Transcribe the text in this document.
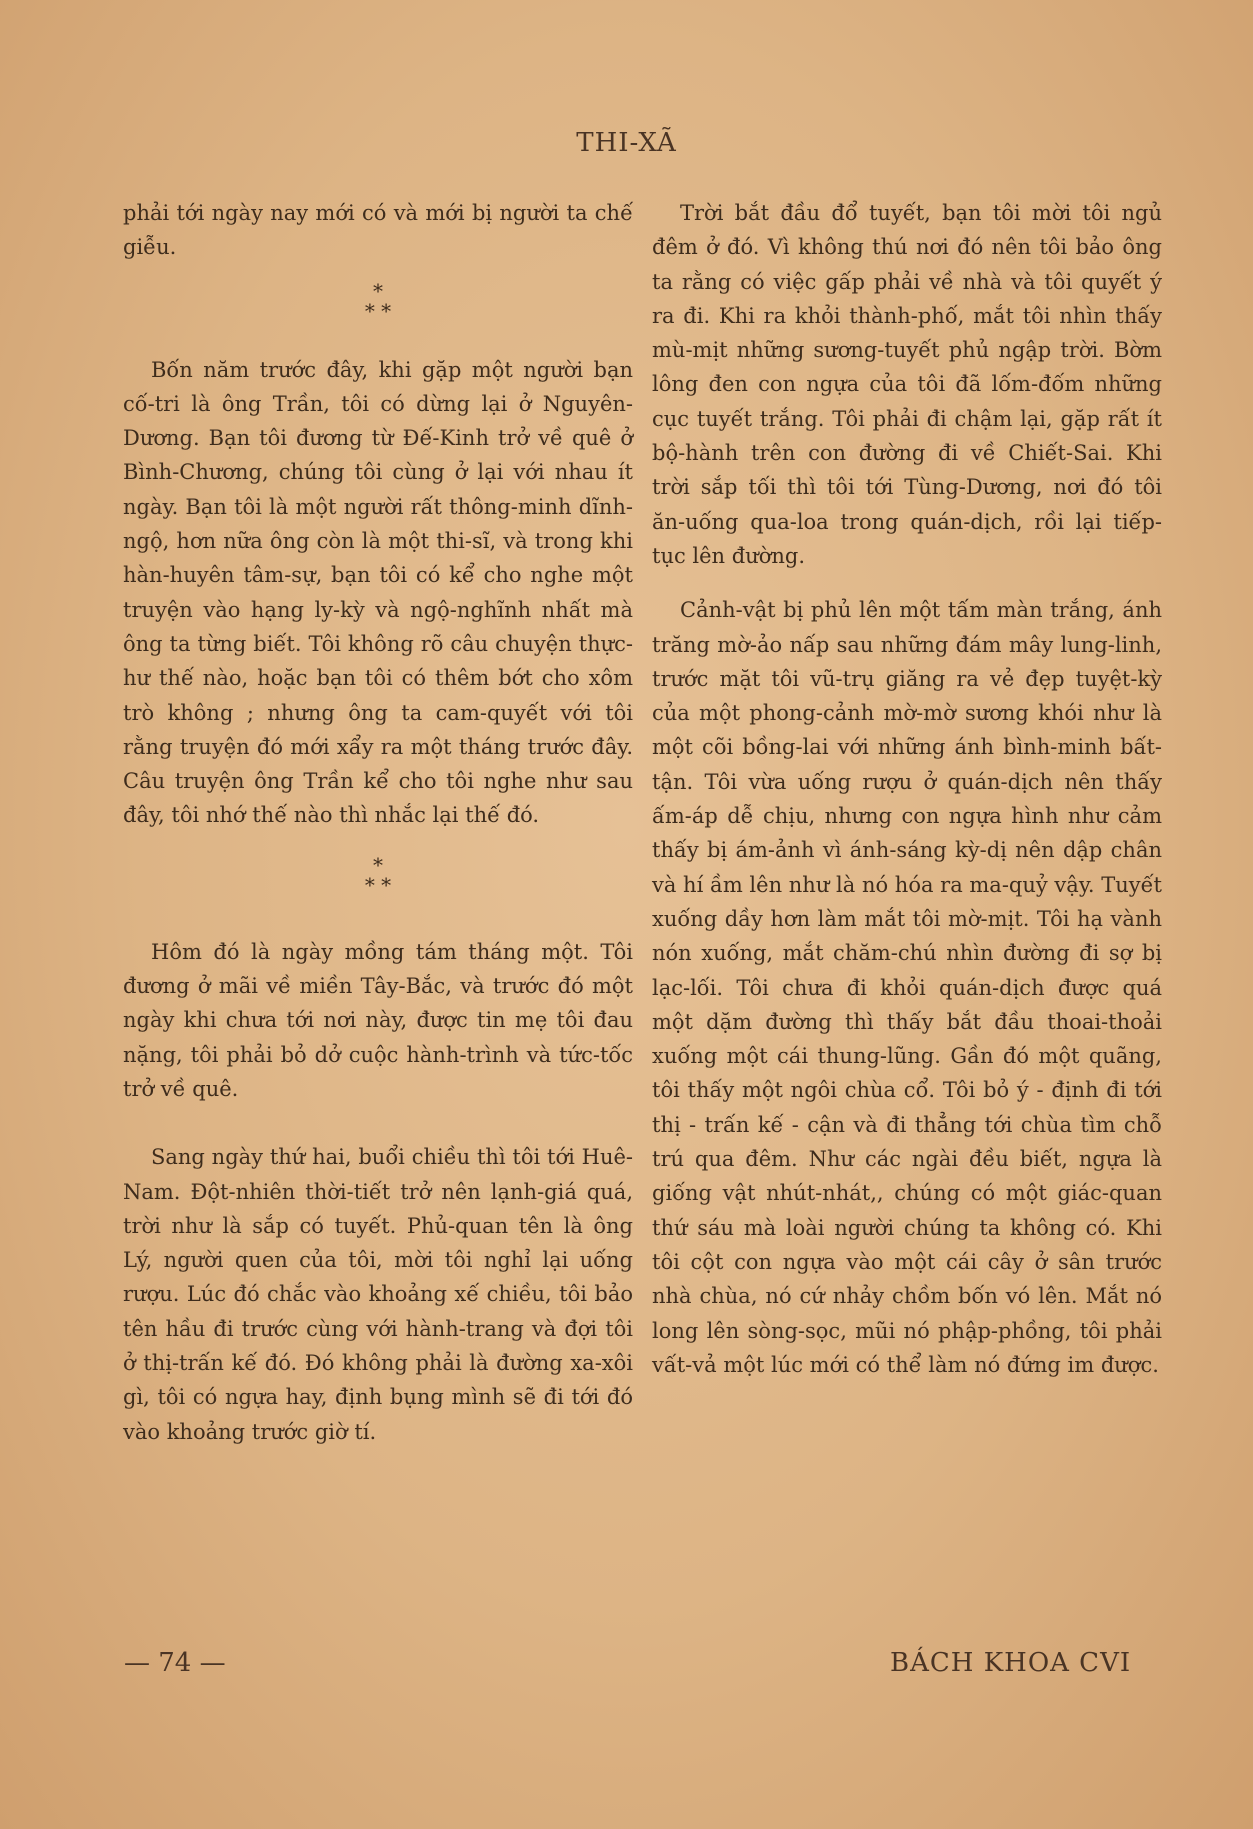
THI-XÃ

phải tới ngày nay mới có và mới bị người ta chế giễu.

*
* *

Bốn năm trước đây, khi gặp một người bạn cố-tri là ông Trần, tôi có dừng lại ở Nguyên-Dương. Bạn tôi đương từ Đế-Kinh trở về quê ở Bình-Chương, chúng tôi cùng ở lại với nhau ít ngày. Bạn tôi là một người rất thông-minh dĩnh-ngộ, hơn nữa ông còn là một thi-sĩ, và trong khi hàn-huyên tâm-sự, bạn tôi có kể cho nghe một truyện vào hạng ly-kỳ và ngộ-nghĩnh nhất mà ông ta từng biết. Tôi không rõ câu chuyện thực-hư thế nào, hoặc bạn tôi có thêm bớt cho xôm trò không ; nhưng ông ta cam-quyết với tôi rằng truyện đó mới xẩy ra một tháng trước đây. Câu truyện ông Trần kể cho tôi nghe như sau đây, tôi nhớ thế nào thì nhắc lại thế đó.

*
* *

Hôm đó là ngày mồng tám tháng một. Tôi đương ở mãi về miền Tây-Bắc, và trước đó một ngày khi chưa tới nơi này, được tin mẹ tôi đau nặng, tôi phải bỏ dở cuộc hành-trình và tức-tốc trở về quê.

Sang ngày thứ hai, buổi chiều thì tôi tới Huê-Nam. Đột-nhiên thời-tiết trở nên lạnh-giá quá, trời như là sắp có tuyết. Phủ-quan tên là ông Lý, người quen của tôi, mời tôi nghỉ lại uống rượu. Lúc đó chắc vào khoảng xế chiều, tôi bảo tên hầu đi trước cùng với hành-trang và đợi tôi ở thị-trấn kế đó. Đó không phải là đường xa-xôi gì, tôi có ngựa hay, định bụng mình sẽ đi tới đó vào khoảng trước giờ tí.

Trời bắt đầu đổ tuyết, bạn tôi mời tôi ngủ đêm ở đó. Vì không thú nơi đó nên tôi bảo ông ta rằng có việc gấp phải về nhà và tôi quyết ý ra đi. Khi ra khỏi thành-phố, mắt tôi nhìn thấy mù-mịt những sương-tuyết phủ ngập trời. Bờm lông đen con ngựa của tôi đã lốm-đốm những cục tuyết trắng. Tôi phải đi chậm lại, gặp rất ít bộ-hành trên con đường đi về Chiết-Sai. Khi trời sắp tối thì tôi tới Tùng-Dương, nơi đó tôi ăn-uống qua-loa trong quán-dịch, rồi lại tiếp-tục lên đường.

Cảnh-vật bị phủ lên một tấm màn trắng, ánh trăng mờ-ảo nấp sau những đám mây lung-linh, trước mặt tôi vũ-trụ giăng ra vẻ đẹp tuyệt-kỳ của một phong-cảnh mờ-mờ sương khói như là một cõi bồng-lai với những ánh bình-minh bất-tận. Tôi vừa uống rượu ở quán-dịch nên thấy ấm-áp dễ chịu, nhưng con ngựa hình như cảm thấy bị ám-ảnh vì ánh-sáng kỳ-dị nên dập chân và hí ầm lên như là nó hóa ra ma-quỷ vậy. Tuyết xuống dầy hơn làm mắt tôi mờ-mịt. Tôi hạ vành nón xuống, mắt chăm-chú nhìn đường đi sợ bị lạc-lối. Tôi chưa đi khỏi quán-dịch được quá một dặm đường thì thấy bắt đầu thoai-thoải xuống một cái thung-lũng. Gần đó một quãng, tôi thấy một ngôi chùa cổ. Tôi bỏ ý - định đi tới thị - trấn kế - cận và đi thẳng tới chùa tìm chỗ trú qua đêm. Như các ngài đều biết, ngựa là giống vật nhút-nhát,, chúng có một giác-quan thứ sáu mà loài người chúng ta không có. Khi tôi cột con ngựa vào một cái cây ở sân trước nhà chùa, nó cứ nhảy chồm bốn vó lên. Mắt nó long lên sòng-sọc, mũi nó phập-phồng, tôi phải vất-vả một lúc mới có thể làm nó đứng im được.

— 74 —	BÁCH KHOA CVI
